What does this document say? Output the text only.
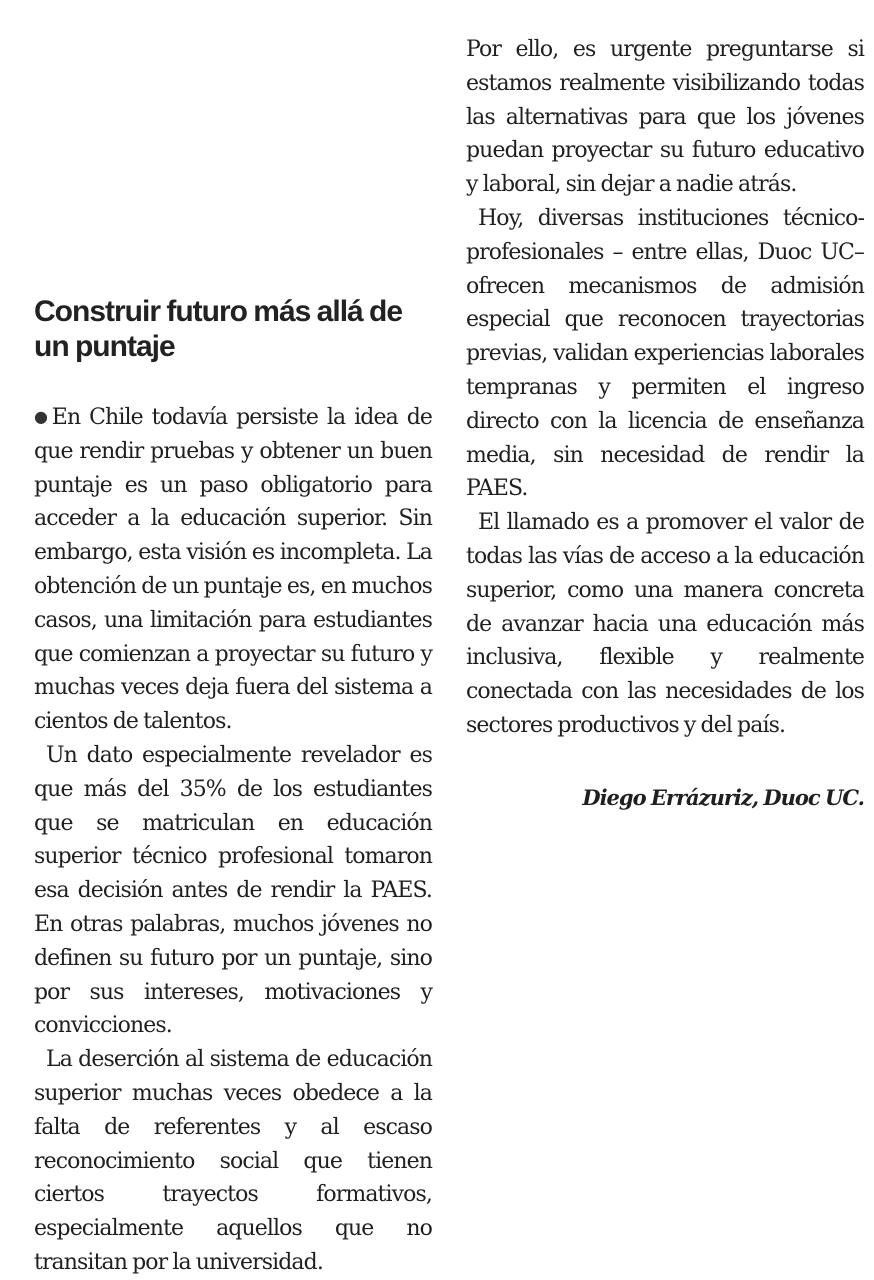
Construir futuro más allá de un puntaje

●En Chile todavía persiste la idea de que rendir pruebas y obtener un buen puntaje es un paso obligatorio para acceder a la educación superior. Sin embargo, esta visión es incompleta. La obtención de un puntaje es, en muchos casos, una limitación para estudiantes que comienzan a proyectar su futuro y muchas veces deja fuera del sistema a cientos de talentos.

Un dato especialmente revelador es que más del 35% de los estudiantes que se matriculan en educación superior técnico profesional tomaron esa decisión antes de rendir la PAES. En otras palabras, muchos jóvenes no definen su futuro por un puntaje, sino por sus intereses, motivaciones y convicciones.

La deserción al sistema de educación superior muchas veces obedece a la falta de referentes y al escaso reconocimiento social que tienen ciertos trayectos formativos, especialmente aquellos que no transitan por la universidad.

Por ello, es urgente preguntarse si estamos realmente visibilizando todas las alternativas para que los jóvenes puedan proyectar su futuro educativo y laboral, sin dejar a nadie atrás.

Hoy, diversas instituciones técnico-profesionales – entre ellas, Duoc UC– ofrecen mecanismos de admisión especial que reconocen trayectorias previas, validan experiencias laborales tempranas y permiten el ingreso directo con la licencia de enseñanza media, sin necesidad de rendir la PAES.

El llamado es a promover el valor de todas las vías de acceso a la educación superior, como una manera concreta de avanzar hacia una educación más inclusiva, flexible y realmente conectada con las necesidades de los sectores productivos y del país.

Diego Errázuriz, Duoc UC.
